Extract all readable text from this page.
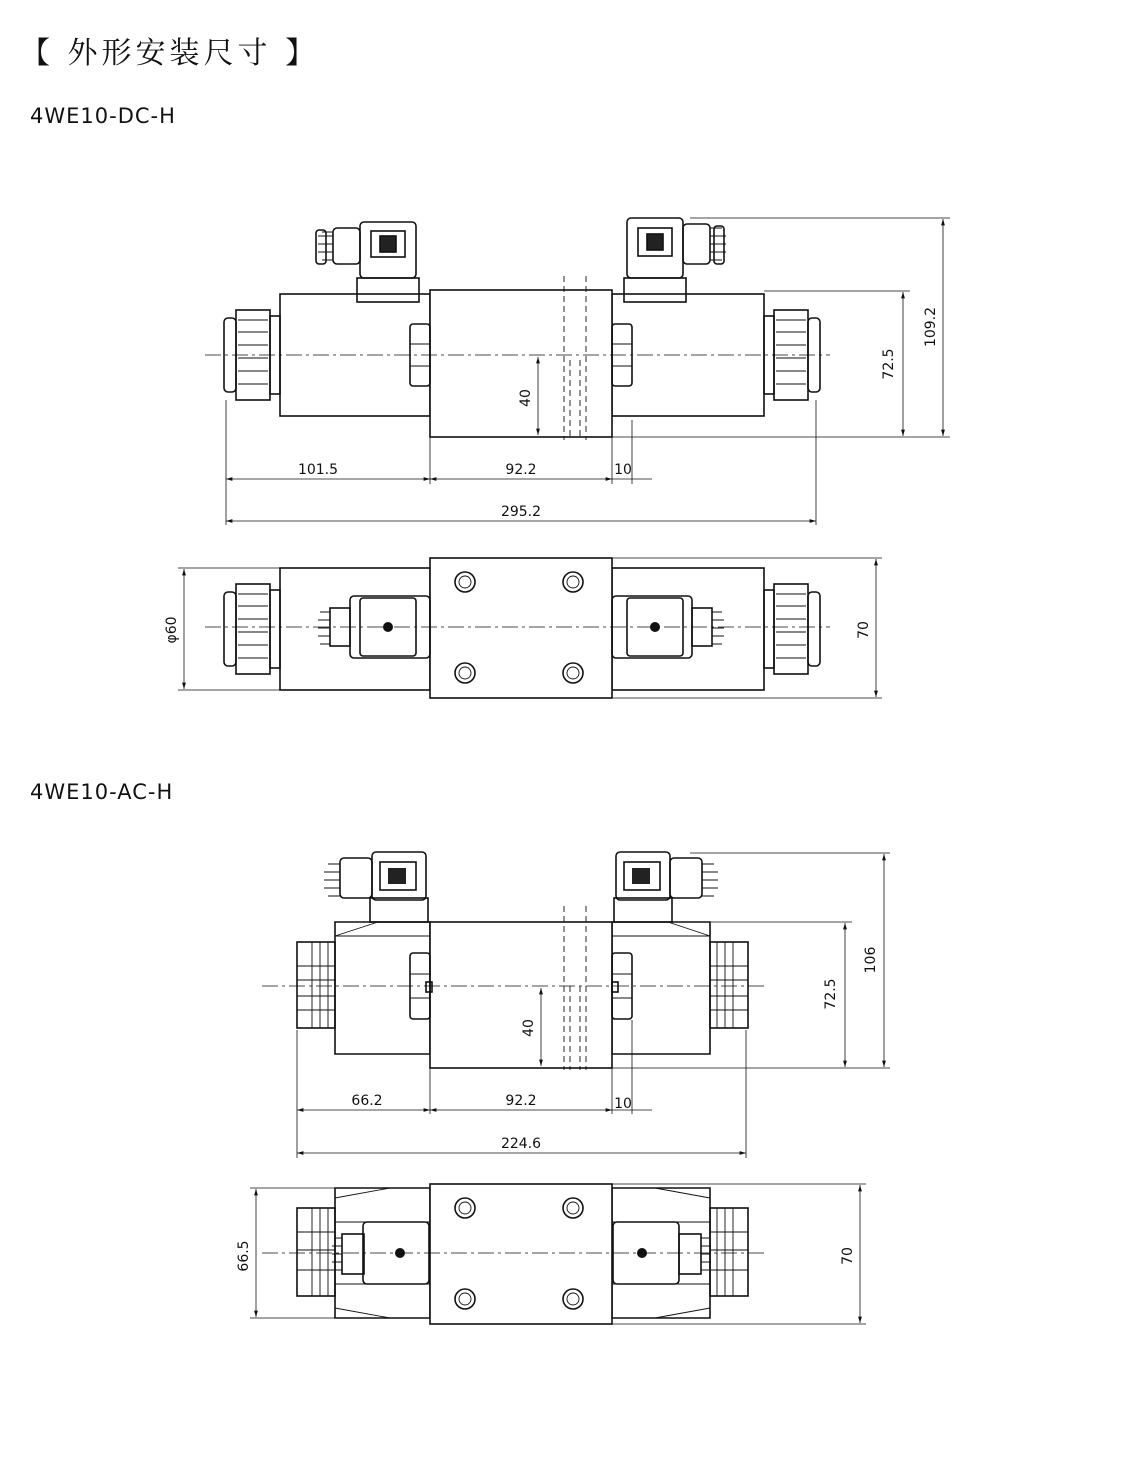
【 外形安装尺寸 】
4WE10-DC-H
4WE10-AC-H
101.5	92.2	10
295.2
40
72.5
109.2
φ60	70
66.2	92.2	10
224.6
40
72.5
106
66.5	70
